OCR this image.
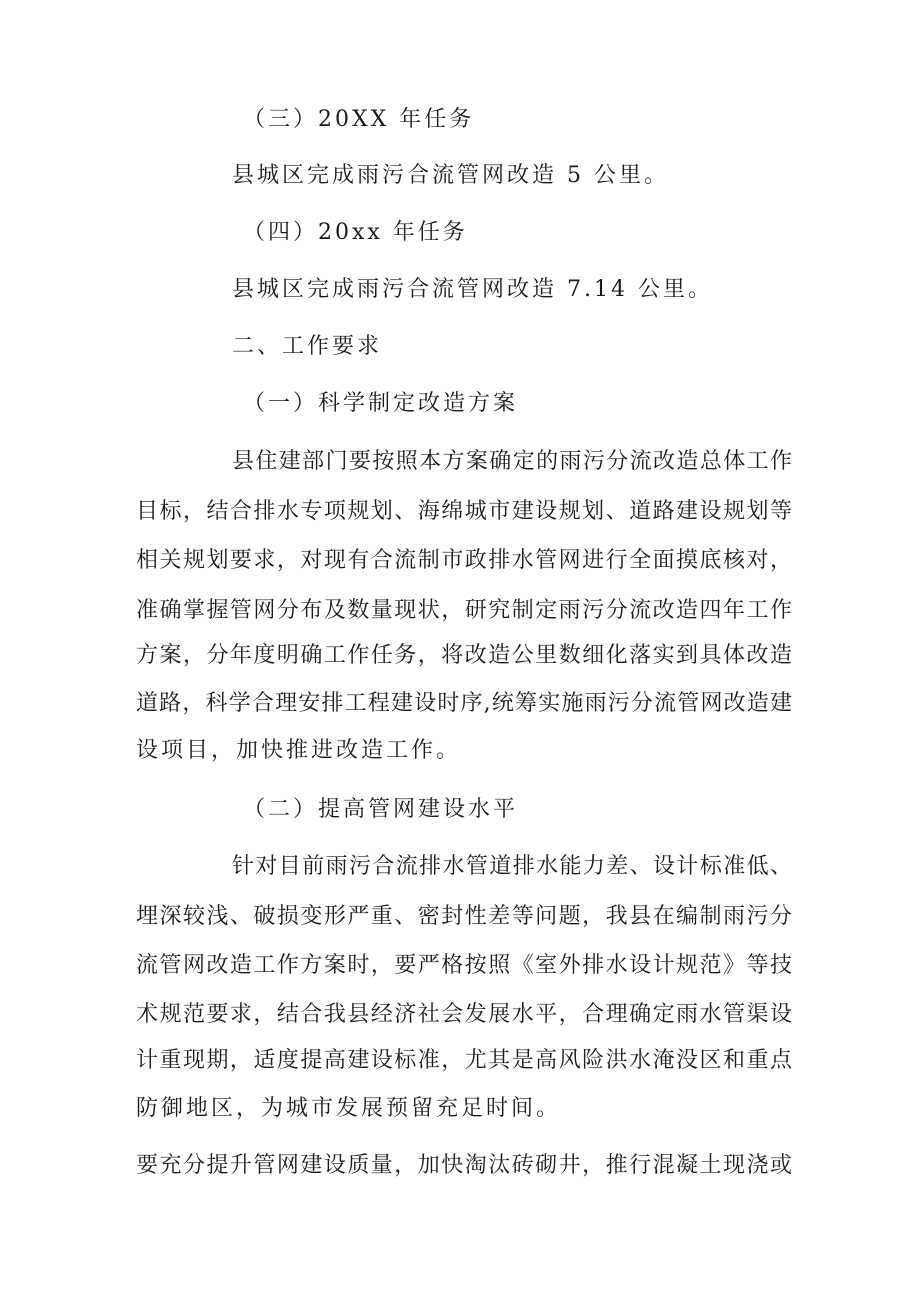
（三）20XX 年任务
县城区完成雨污合流管网改造 5 公里。
（四）20xx 年任务
县城区完成雨污合流管网改造 7.14 公里。
二、工作要求
（一）科学制定改造方案
县住建部门要按照本方案确定的雨污分流改造总体工作
目标，结合排水专项规划、海绵城市建设规划、道路建设规划等
相关规划要求，对现有合流制市政排水管网进行全面摸底核对，
准确掌握管网分布及数量现状，研究制定雨污分流改造四年工作
方案，分年度明确工作任务，将改造公里数细化落实到具体改造
道路，科学合理安排工程建设时序,统筹实施雨污分流管网改造建
设项目，加快推进改造工作。
（二）提高管网建设水平
针对目前雨污合流排水管道排水能力差、设计标准低、
埋深较浅、破损变形严重、密封性差等问题，我县在编制雨污分
流管网改造工作方案时，要严格按照《室外排水设计规范》等技
术规范要求，结合我县经济社会发展水平，合理确定雨水管渠设
计重现期，适度提高建设标准，尤其是高风险洪水淹没区和重点
防御地区，为城市发展预留充足时间。
要充分提升管网建设质量，加快淘汰砖砌井，推行混凝土现浇或
